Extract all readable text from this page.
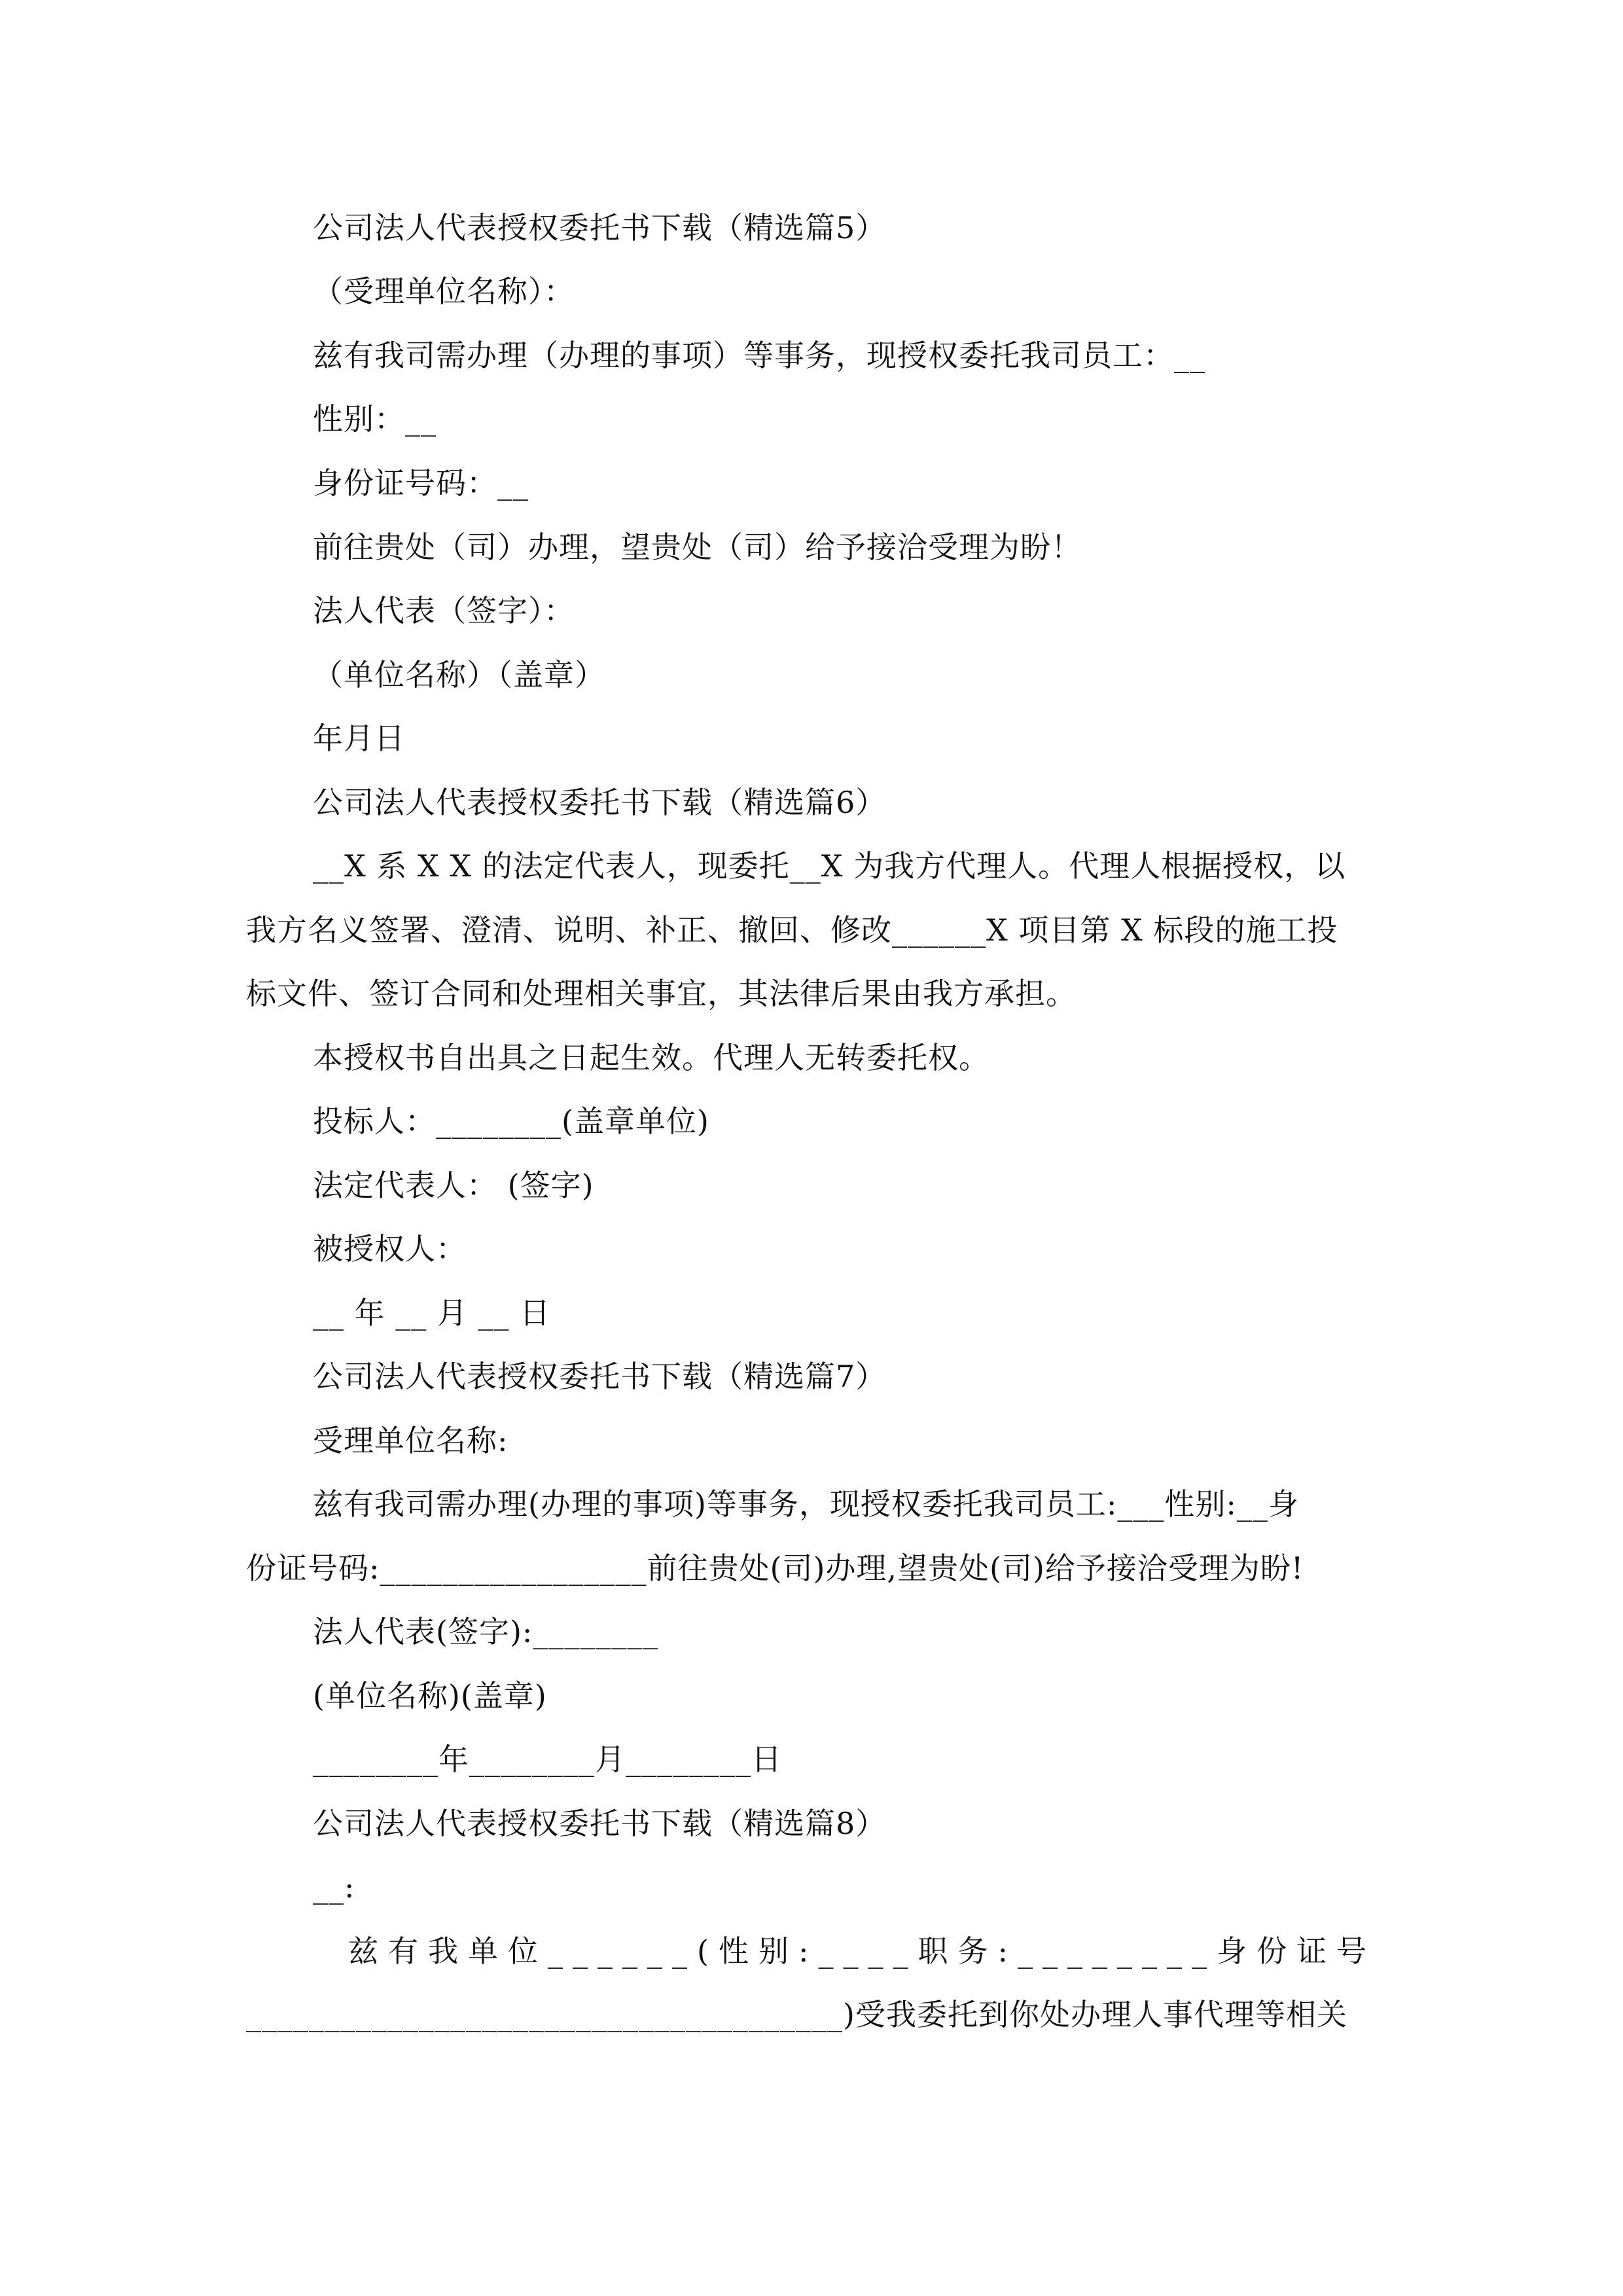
公司法人代表授权委托书下载（精选篇5）
（受理单位名称）：
兹有我司需办理（办理的事项）等事务，现授权委托我司员工：__
性别：__
身份证号码：__
前往贵处（司）办理，望贵处（司）给予接洽受理为盼！
法人代表（签字）：
（单位名称）（盖章）
年月日
公司法人代表授权委托书下载（精选篇6）
__X 系 X X 的法定代表人，现委托__X 为我方代理人。代理人根据授权，以
我方名义签署、澄清、说明、补正、撤回、修改______X 项目第 X 标段的施工投
标文件、签订合同和处理相关事宜，其法律后果由我方承担。
本授权书自出具之日起生效。代理人无转委托权。
投标人：________(盖章单位)
法定代表人： (签字)
被授权人：
__ 年 __ 月 __ 日
公司法人代表授权委托书下载（精选篇7）
受理单位名称:
兹有我司需办理(办理的事项)等事务，现授权委托我司员工:___性别:__身
份证号码:_________________前往贵处(司)办理,望贵处(司)给予接洽受理为盼!
法人代表(签字):________
(单位名称)(盖章)
________年________月________日
公司法人代表授权委托书下载（精选篇8）
__:
兹有我单位______(性别:____职务:________身份证号
______________________________________)受我委托到你处办理人事代理等相关
